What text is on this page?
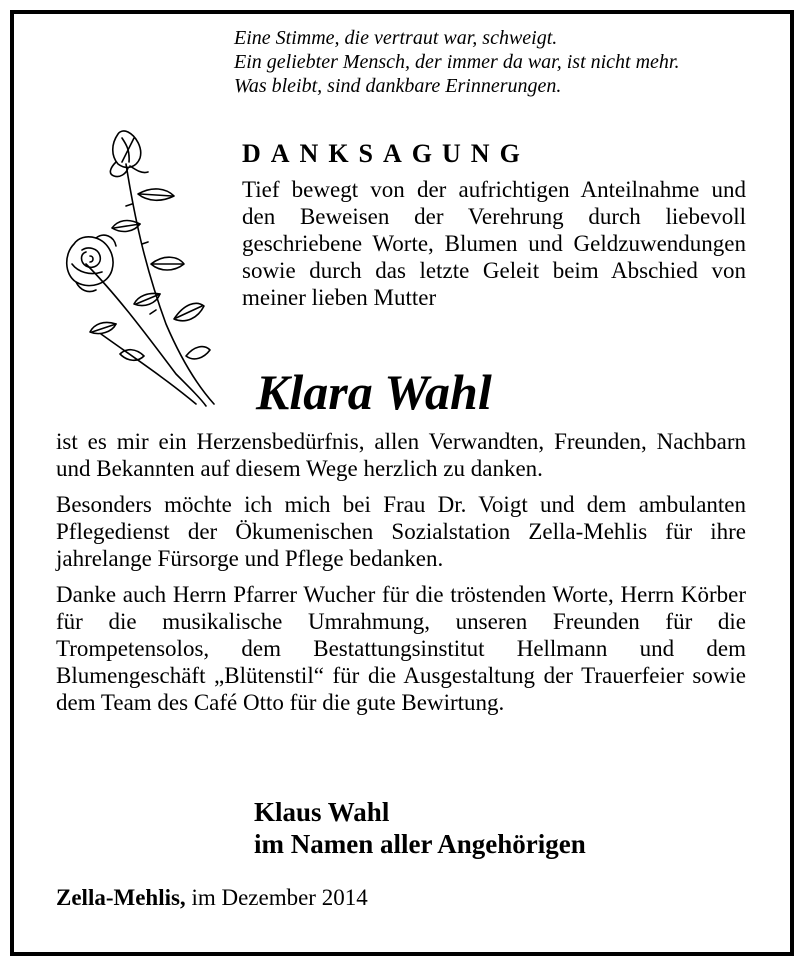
Eine Stimme, die vertraut war, schweigt.
Ein geliebter Mensch, der immer da war, ist nicht mehr.
Was bleibt, sind dankbare Erinnerungen.
DANKSAGUNG
Tief bewegt von der aufrichtigen Anteilnahme und den Beweisen der Verehrung durch liebevoll geschriebene Worte, Blumen und Geldzuwendungen sowie durch das letzte Geleit beim Abschied von meiner lieben Mutter
Klara Wahl

ist es mir ein Herzensbedürfnis, allen Verwandten, Freunden, Nachbarn und Bekannten auf diesem Wege herzlich zu danken.

Besonders möchte ich mich bei Frau Dr. Voigt und dem ambulanten Pflegedienst der Ökumenischen Sozialstation Zella-Mehlis für ihre jahrelange Fürsorge und Pflege bedanken.

Danke auch Herrn Pfarrer Wucher für die tröstenden Worte, Herrn Körber für die musikalische Umrahmung, unseren Freunden für die Trompetensolos, dem Bestattungsinstitut Hellmann und dem Blumengeschäft „Blütenstil“ für die Ausgestaltung der Trauerfeier sowie dem Team des Café Otto für die gute Bewirtung.

Klaus Wahl
im Namen aller Angehörigen
Zella-Mehlis, im Dezember 2014
